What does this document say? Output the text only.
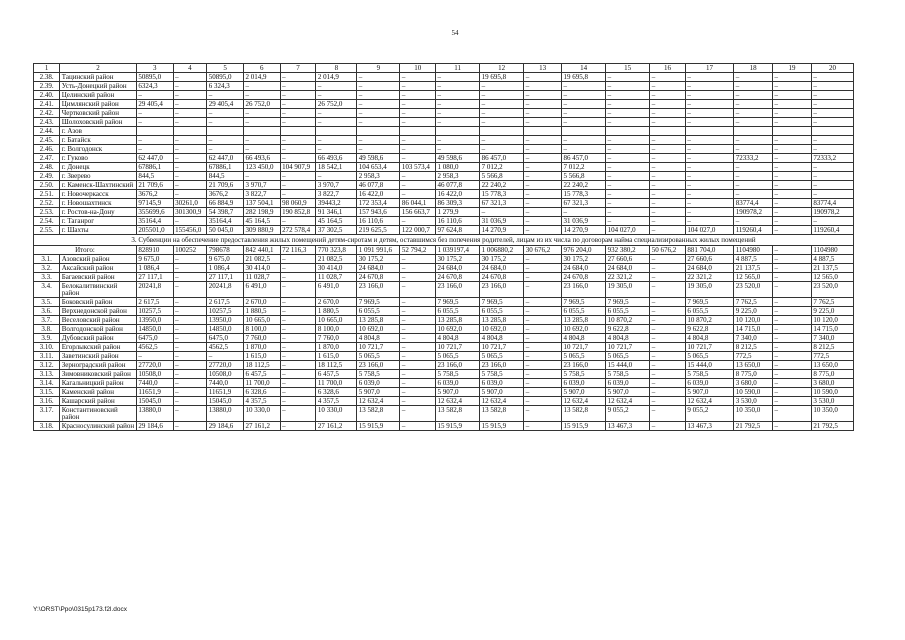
54
1	2	3	4	5	6	7	8	9	10	11	12	13	14	15	16	17	18	19	20
2.38.	Тацинский район	50895,0	–	50895,0	2 014,9	–	2 014,9	–	–	–	19 695,8	–	19 695,8	–	–	–	–	–	–
2.39.	Усть-Донецкий район	6324,3	–	6 324,3	–	–	–	–	–	–	–	–	–	–	–	–	–	–	–
2.40.	Целинский район	–	–	–	–	–	–	–	–	–	–	–	–	–	–	–	–	–	–
2.41.	Цимлянский район	29 405,4	–	29 405,4	26 752,0	–	26 752,0	–	–	–	–	–	–	–	–	–	–	–	–
2.42.	Чертковский район	–	–	–	–	–	–	–	–	–	–	–	–	–	–	–	–	–	–
2.43.	Шолоховский район	–	–	–	–	–	–	–	–	–	–	–	–	–	–	–	–	–	–
2.44.	г. Азов																		
2.45.	г. Батайск	–	–	–	–	–	–	–	–	–	–	–	–	–	–	–	–	–	–
2.46.	г. Волгодонск	–	–	–	–	–	–	–	–	–	–	–	–	–	–	–	–	–	–
2.47.	г. Гуково	62 447,0	–	62 447,0	66 493,6	–	66 493,6	49 598,6	–	49 598,6	86 457,0	–	86 457,0	–	–	–	72333,2	–	72333,2
2.48.	г. Донецк	67886,1	–	67886,1	123 450,0	104 907,9	18 542,1	104 653,4	103 573,4	1 080,0	7 012,2	–	7 012,2	–	–	–	–	–	–
2.49.	г. Зверево	844,5	–	844,5	–	–	–	2 958,3	–	2 958,3	5 566,8	–	5 566,8	–	–	–	–	–	–
2.50.	г. Каменск-Шахтинский	21 709,6	–	21 709,6	3 970,7	–	3 970,7	46 077,8	–	46 077,8	22 240,2	–	22 240,2	–	–	–	–	–	–
2.51.	г. Новочеркасск	3676,2	–	3676,2	3 822,7	–	3 822,7	16 422,0	–	16 422,0	15 778,3	–	15 778,3	–	–	–	–	–	–
2.52.	г. Новошахтинск	97145,9	30261,0	66 884,9	137 504,1	98 060,9	39443,2	172 353,4	86 044,1	86 309,3	67 321,3	–	67 321,3	–	–	–	83774,4	–	83774,4
2.53.	г. Ростов-на-Дону	355699,6	301300,9	54 398,7	282 198,9	190 852,8	91 346,1	157 943,6	156 663,7	1 279,9	–	–	–	–	–	–	190978,2	–	190978,2
2.54.	г. Таганрог	35164,4	–	35164,4	45 164,5	–	45 164,5	16 110,6	–	16 110,6	31 036,9	–	31 036,9	–	–	–	–	–	–
2.55.	г. Шахты	205501,0	155456,0	50 045,0	309 880,9	272 578,4	37 302,5	219 625,5	122 000,7	97 624,8	14 270,9	–	14 270,9	104 027,0	–	104 027,0	119260,4	–	119260,4
3. Субвенции на обеспечение предоставления жилых помещений детям-сиротам и детям, оставшимся без попечения родителей, лицам из их числа по договорам найма специализированных жилых помещений																			
Итого:		828910	100252	798678	842 440,1	72 116,3	770 323,8	1 091 991,6	52 794,2	1 039197,4	1 006880,2	30 676,2	976 204,0	932 380,2	50 676,2	881 704,0	1104980	–	1104980
3.1.	Азовский район	9 675,0	–	9 675,0	21 082,5	–	21 082,5	30 175,2	–	30 175,2	30 175,2	–	30 175,2	27 660,6	–	27 660,6	4 887,5	–	4 887,5
3.2.	Аксайский район	1 086,4	–	1 086,4	30 414,0	–	30 414,0	24 684,0	–	24 684,0	24 684,0	–	24 684,0	24 684,0	–	24 684,0	21 137,5	–	21 137,5
3.3.	Багаевский район	27 117,1	–	27 117,1	11 028,7	–	11 028,7	24 670,8	–	24 670,8	24 670,8	–	24 670,8	22 321,2	–	22 321,2	12 565,0	–	12 565,0
3.4.	Белокалитвинский район	20241,8	–	20241,8	6 491,0	–	6 491,0	23 166,0	–	23 166,0	23 166,0	–	23 166,0	19 305,0	–	19 305,0	23 520,0	–	23 520,0
3.5.	Боковский район	2 617,5	–	2 617,5	2 670,0	–	2 670,0	7 969,5	–	7 969,5	7 969,5	–	7 969,5	7 969,5	–	7 969,5	7 762,5	–	7 762,5
3.6.	Верхнедонской район	10257,5	–	10257,5	1 880,5	–	1 880,5	6 055,5	–	6 055,5	6 055,5	–	6 055,5	6 055,5	–	6 055,5	9 225,0	–	9 225,0
3.7.	Веселовский район	13950,0	–	13950,0	10 665,0	–	10 665,0	13 285,8	–	13 285,8	13 285,8	–	13 285,8	10 870,2	–	10 870,2	10 120,0	–	10 120,0
3.8.	Волгодонской район	14850,0	–	14850,0	8 100,0	–	8 100,0	10 692,0	–	10 692,0	10 692,0	–	10 692,0	9 622,8	–	9 622,8	14 715,0	–	14 715,0
3.9.	Дубовский район	6475,0	–	6475,0	7 760,0	–	7 760,0	4 804,8	–	4 804,8	4 804,8	–	4 804,8	4 804,8	–	4 804,8	7 340,0	–	7 340,0
3.10.	Егорлыкский район	4562,5	–	4562,5	1 870,0	–	1 870,0	10 721,7	–	10 721,7	10 721,7	–	10 721,7	10 721,7	–	10 721,7	8 212,5	–	8 212,5
3.11.	Заветинский район	–	–	–	1 615,0	–	1 615,0	5 065,5	–	5 065,5	5 065,5	–	5 065,5	5 065,5	–	5 065,5	772,5	–	772,5
3.12.	Зерноградский район	27720,0	–	27720,0	18 112,5	–	18 112,5	23 166,0	–	23 166,0	23 166,0	–	23 166,0	15 444,0	–	15 444,0	13 650,0	–	13 650,0
3.13.	Зимовниковский район	10508,0	–	10508,0	6 457,5	–	6 457,5	5 758,5	–	5 758,5	5 758,5	–	5 758,5	5 758,5	–	5 758,5	8 775,0	–	8 775,0
3.14.	Кагальницкий район	7440,0	–	7440,0	11 700,0	–	11 700,0	6 039,0	–	6 039,0	6 039,0	–	6 039,0	6 039,0	–	6 039,0	3 680,0	–	3 680,0
3.15.	Каменский район	11651,9	–	11651,9	6 328,6	–	6 328,6	5 907,0	–	5 907,0	5 907,0	–	5 907,0	5 907,0	–	5 907,0	10 590,0	–	10 590,0
3.16.	Кашарский район	15045,0	–	15045,0	4 357,5	–	4 357,5	12 632,4	–	12 632,4	12 632,4	–	12 632,4	12 632,4	–	12 632,4	3 530,0	–	3 530,0
3.17.	Константиновский район	13880,0	–	13880,0	10 330,0	–	10 330,0	13 582,8	–	13 582,8	13 582,8	–	13 582,8	9 055,2	–	9 055,2	10 350,0	–	10 350,0
3.18.	Красносулинский район	29 184,6	–	29 184,6	27 161,2	–	27 161,2	15 915,9	–	15 915,9	15 915,9	–	15 915,9	13 467,3	–	13 467,3	21 792,5	–	21 792,5
Y:\ORST\Ppo\0315p173.f2l.docx
